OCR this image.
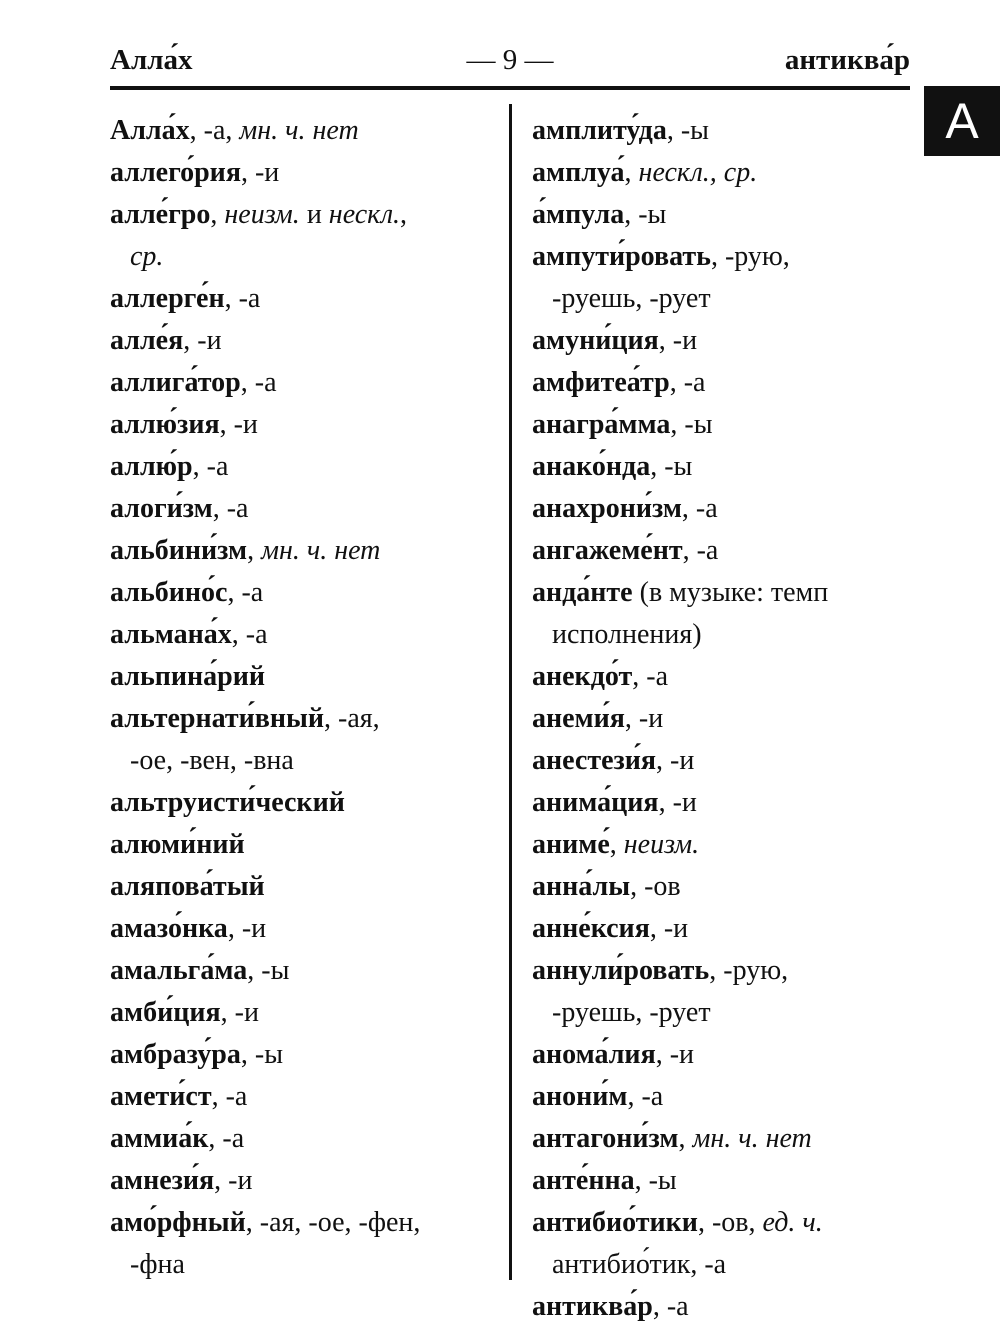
Алла́х	— 9 —	антиква́р
А
Алла́х, -а, мн. ч. нет
аллего́рия, -и
алле́гро, неизм. и нескл.,
ср.
аллерге́н, -а
алле́я, -и
аллига́тор, -а
аллю́зия, -и
аллю́р, -а
алоги́зм, -а
альбини́зм, мн. ч. нет
альбино́с, -а
альмана́х, -а
альпина́рий
альтернати́вный, -ая,
-ое, -вен, -вна
альтруисти́ческий
алюми́ний
аляпова́тый
амазо́нка, -и
амальга́ма, -ы
амби́ция, -и
амбразу́ра, -ы
амети́ст, -а
аммиа́к, -а
амнези́я, -и
амо́рфный, -ая, -ое, -фен,
-фна
амплиту́да, -ы
амплуа́, нескл., ср.
а́мпула, -ы
ампути́ровать, -рую,
-руешь, -рует
амуни́ция, -и
амфитеа́тр, -а
анагра́мма, -ы
анако́нда, -ы
анахрони́зм, -а
ангажеме́нт, -а
анда́нте (в музыке: темп
исполнения)
анекдо́т, -а
анеми́я, -и
анестези́я, -и
анима́ция, -и
аниме́, неизм.
анна́лы, -ов
анне́ксия, -и
аннули́ровать, -рую,
-руешь, -рует
анома́лия, -и
анони́м, -а
антагони́зм, мн. ч. нет
анте́нна, -ы
антибио́тики, -ов, ед. ч.
антибио́тик, -а
антиква́р, -а
